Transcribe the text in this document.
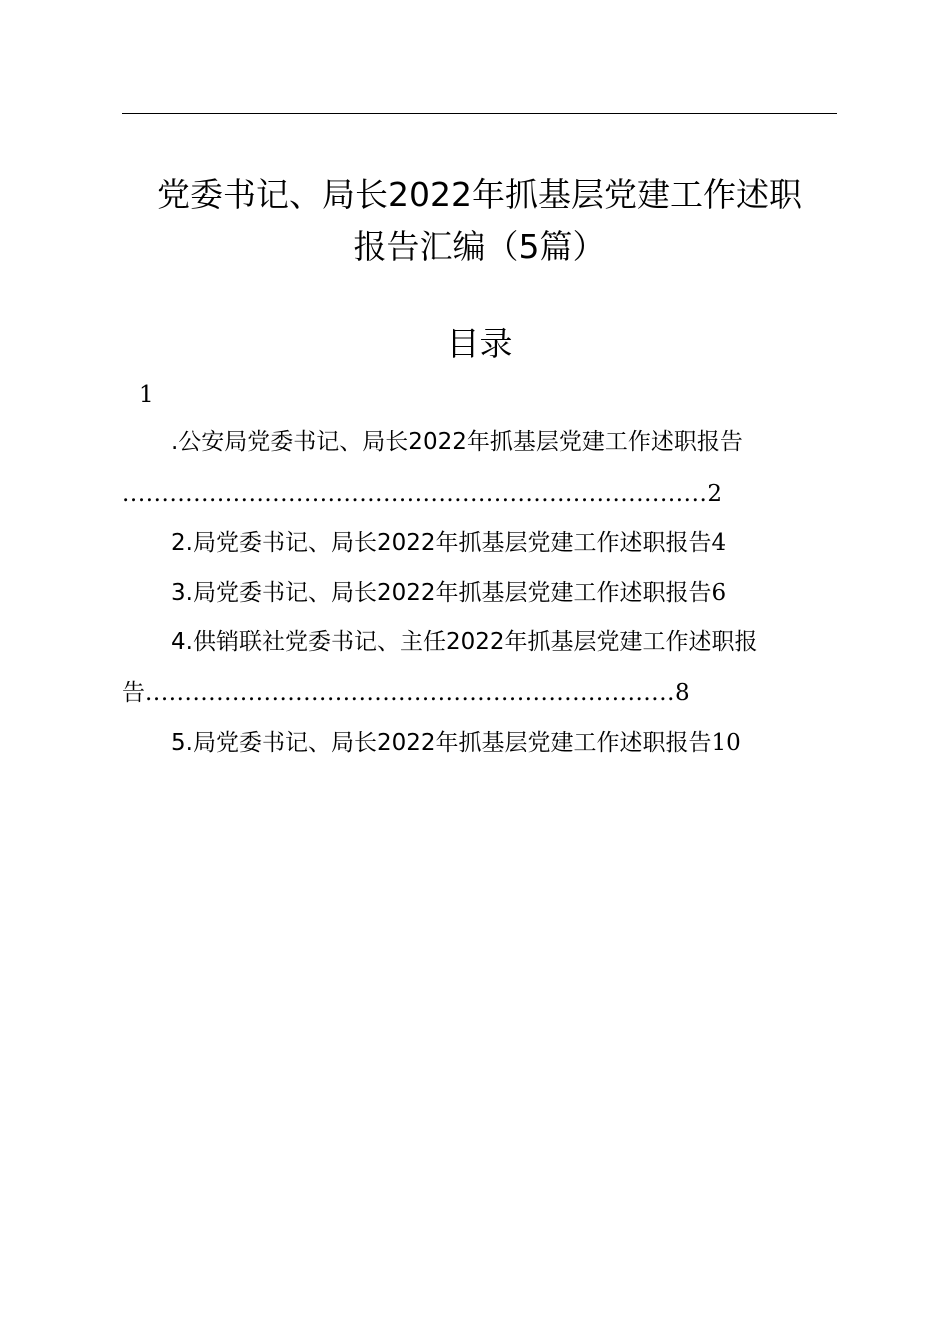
党委书记、局长2022年抓基层党建工作述职
报告汇编（5篇）
目录
1
.公安局党委书记、局长2022年抓基层党建工作述职报告
..........................................................................2
2.局党委书记、局长2022年抓基层党建工作述职报告4
3.局党委书记、局长2022年抓基层党建工作述职报告6
4.供销联社党委书记、主任2022年抓基层党建工作述职报
告...................................................................8
5.局党委书记、局长2022年抓基层党建工作述职报告10
